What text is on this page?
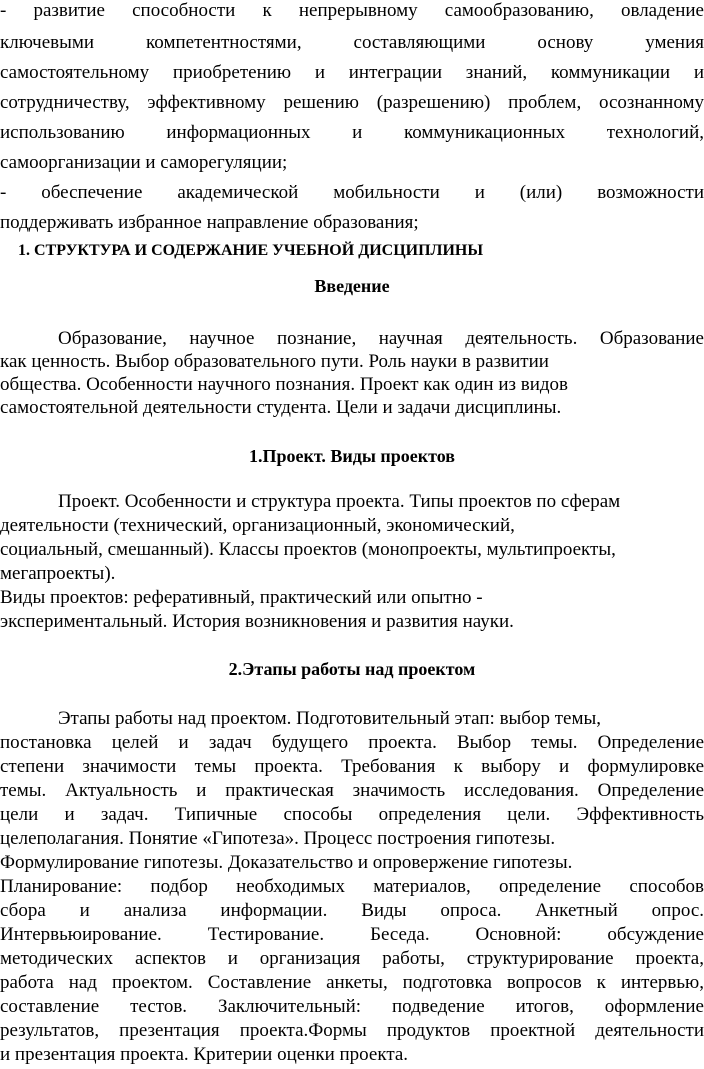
- развитие способности к непрерывному самообразованию, овладение
ключевыми компетентностями, составляющими основу умения
самостоятельному приобретению и интеграции знаний, коммуникации и
сотрудничеству, эффективному решению (разрешению) проблем, осознанному
использованию информационных и коммуникационных технологий,
самоорганизации и саморегуляции;
- обеспечение академической мобильности и (или) возможности
поддерживать избранное направление образования;
1. СТРУКТУРА И СОДЕРЖАНИЕ УЧЕБНОЙ ДИСЦИПЛИНЫ
Введение
Образование, научное познание, научная деятельность. Образование
как ценность. Выбор образовательного пути. Роль науки в развитии
общества. Особенности научного познания. Проект как один из видов
самостоятельной деятельности студента. Цели и задачи дисциплины.
1.Проект. Виды проектов
Проект. Особенности и структура проекта. Типы проектов по сферам
деятельности (технический, организационный, экономический,
социальный, смешанный). Классы проектов (монопроекты, мультипроекты,
мегапроекты).
Виды проектов: реферативный, практический или опытно -
экспериментальный. История возникновения и развития науки.
2.Этапы работы над проектом
Этапы работы над проектом. Подготовительный этап: выбор темы,
постановка целей и задач будущего проекта. Выбор темы. Определение
степени значимости темы проекта. Требования к выбору и формулировке
темы. Актуальность и практическая значимость исследования. Определение
цели и задач. Типичные способы определения цели. Эффективность
целеполагания. Понятие «Гипотеза». Процесс построения гипотезы.
Формулирование гипотезы. Доказательство и опровержение гипотезы.
Планирование: подбор необходимых материалов, определение способов
сбора и анализа информации. Виды опроса. Анкетный опрос.
Интервьюирование. Тестирование. Беседа. Основной: обсуждение
методических аспектов и организация работы, структурирование проекта,
работа над проектом. Составление анкеты, подготовка вопросов к интервью,
составление тестов. Заключительный: подведение итогов, оформление
результатов, презентация проекта.Формы продуктов проектной деятельности
и презентация проекта. Критерии оценки проекта.
